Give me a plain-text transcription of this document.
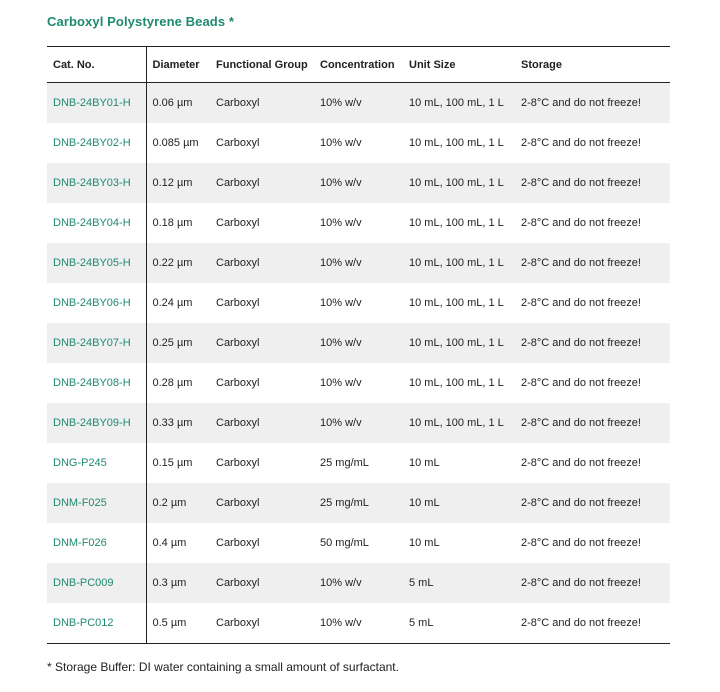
Carboxyl Polystyrene Beads *
Cat. No.	Diameter	Functional Group	Concentration	Unit Size	Storage
DNB-24BY01-H	0.06 µm	Carboxyl	10% w/v	10 mL, 100 mL, 1 L	2-8°C and do not freeze!
DNB-24BY02-H	0.085 µm	Carboxyl	10% w/v	10 mL, 100 mL, 1 L	2-8°C and do not freeze!
DNB-24BY03-H	0.12 µm	Carboxyl	10% w/v	10 mL, 100 mL, 1 L	2-8°C and do not freeze!
DNB-24BY04-H	0.18 µm	Carboxyl	10% w/v	10 mL, 100 mL, 1 L	2-8°C and do not freeze!
DNB-24BY05-H	0.22 µm	Carboxyl	10% w/v	10 mL, 100 mL, 1 L	2-8°C and do not freeze!
DNB-24BY06-H	0.24 µm	Carboxyl	10% w/v	10 mL, 100 mL, 1 L	2-8°C and do not freeze!
DNB-24BY07-H	0.25 µm	Carboxyl	10% w/v	10 mL, 100 mL, 1 L	2-8°C and do not freeze!
DNB-24BY08-H	0.28 µm	Carboxyl	10% w/v	10 mL, 100 mL, 1 L	2-8°C and do not freeze!
DNB-24BY09-H	0.33 µm	Carboxyl	10% w/v	10 mL, 100 mL, 1 L	2-8°C and do not freeze!
DNG-P245	0.15 µm	Carboxyl	25 mg/mL	10 mL	2-8°C and do not freeze!
DNM-F025	0.2 µm	Carboxyl	25 mg/mL	10 mL	2-8°C and do not freeze!
DNM-F026	0.4 µm	Carboxyl	50 mg/mL	10 mL	2-8°C and do not freeze!
DNB-PC009	0.3 µm	Carboxyl	10% w/v	5 mL	2-8°C and do not freeze!
DNB-PC012	0.5 µm	Carboxyl	10% w/v	5 mL	2-8°C and do not freeze!
* Storage Buffer: DI water containing a small amount of surfactant.
